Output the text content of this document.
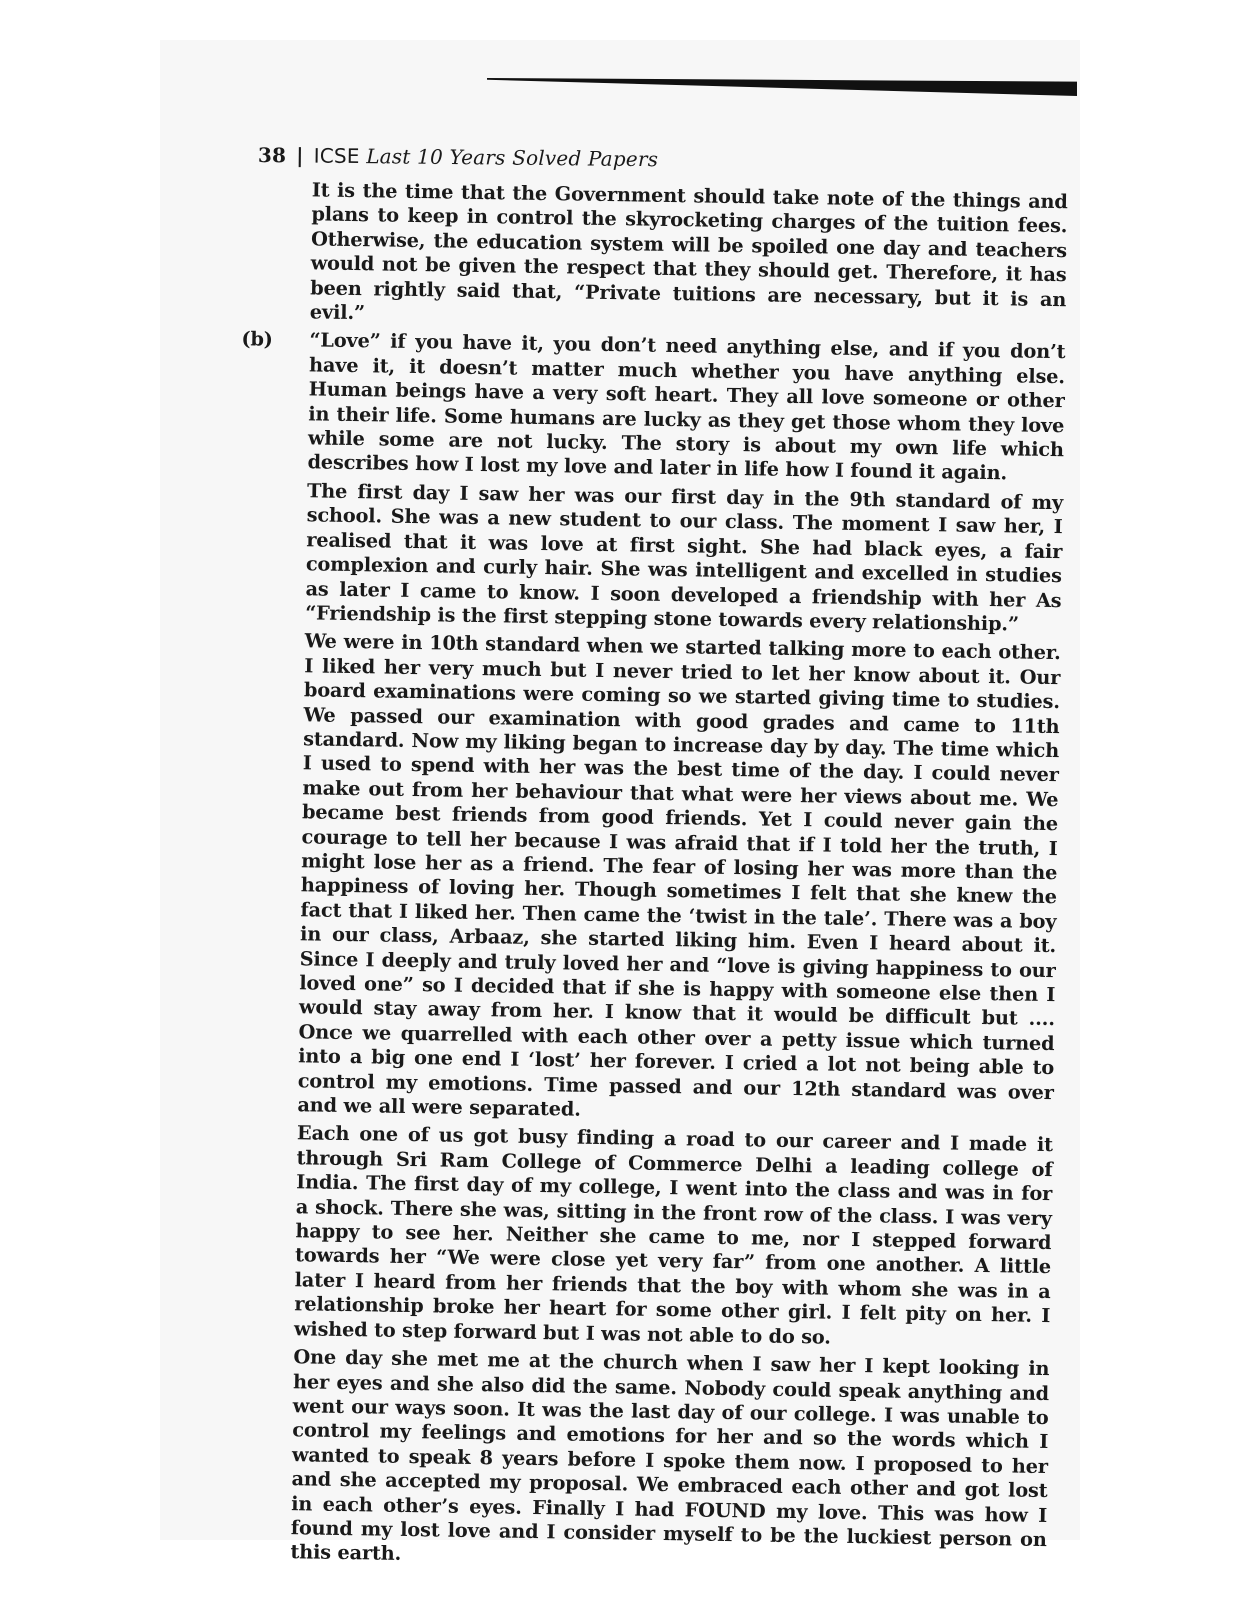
38 | ICSE Last 10 Years Solved Papers

It is the time that the Government should take note of the things and plans to keep in control the skyrocketing charges of the tuition fees. Otherwise, the education system will be spoiled one day and teachers would not be given the respect that they should get. Therefore, it has been rightly said that, “Private tuitions are necessary, but it is an evil.”

(b) “Love” if you have it, you don’t need anything else, and if you don’t have it, it doesn’t matter much whether you have anything else. Human beings have a very soft heart. They all love someone or other in their life. Some humans are lucky as they get those whom they love while some are not lucky. The story is about my own life which describes how I lost my love and later in life how I found it again.

The first day I saw her was our first day in the 9th standard of my school. She was a new student to our class. The moment I saw her, I realised that it was love at first sight. She had black eyes, a fair complexion and curly hair. She was intelligent and excelled in studies as later I came to know. I soon developed a friendship with her As “Friendship is the first stepping stone towards every relationship.”

We were in 10th standard when we started talking more to each other. I liked her very much but I never tried to let her know about it. Our board examinations were coming so we started giving time to studies. We passed our examination with good grades and came to 11th standard. Now my liking began to increase day by day. The time which I used to spend with her was the best time of the day. I could never make out from her behaviour that what were her views about me. We became best friends from good friends. Yet I could never gain the courage to tell her because I was afraid that if I told her the truth, I might lose her as a friend. The fear of losing her was more than the happiness of loving her. Though sometimes I felt that she knew the fact that I liked her. Then came the ‘twist in the tale’. There was a boy in our class, Arbaaz, she started liking him. Even I heard about it. Since I deeply and truly loved her and “love is giving happiness to our loved one” so I decided that if she is happy with someone else then I would stay away from her. I know that it would be difficult but .... Once we quarrelled with each other over a petty issue which turned into a big one end I ‘lost’ her forever. I cried a lot not being able to control my emotions. Time passed and our 12th standard was over and we all were separated.

Each one of us got busy finding a road to our career and I made it through Sri Ram College of Commerce Delhi a leading college of India. The first day of my college, I went into the class and was in for a shock. There she was, sitting in the front row of the class. I was very happy to see her. Neither she came to me, nor I stepped forward towards her “We were close yet very far” from one another. A little later I heard from her friends that the boy with whom she was in a relationship broke her heart for some other girl. I felt pity on her. I wished to step forward but I was not able to do so.

One day she met me at the church when I saw her I kept looking in her eyes and she also did the same. Nobody could speak anything and went our ways soon. It was the last day of our college. I was unable to control my feelings and emotions for her and so the words which I wanted to speak 8 years before I spoke them now. I proposed to her and she accepted my proposal. We embraced each other and got lost in each other’s eyes. Finally I had FOUND my love. This was how I found my lost love and I consider myself to be the luckiest person on this earth.
